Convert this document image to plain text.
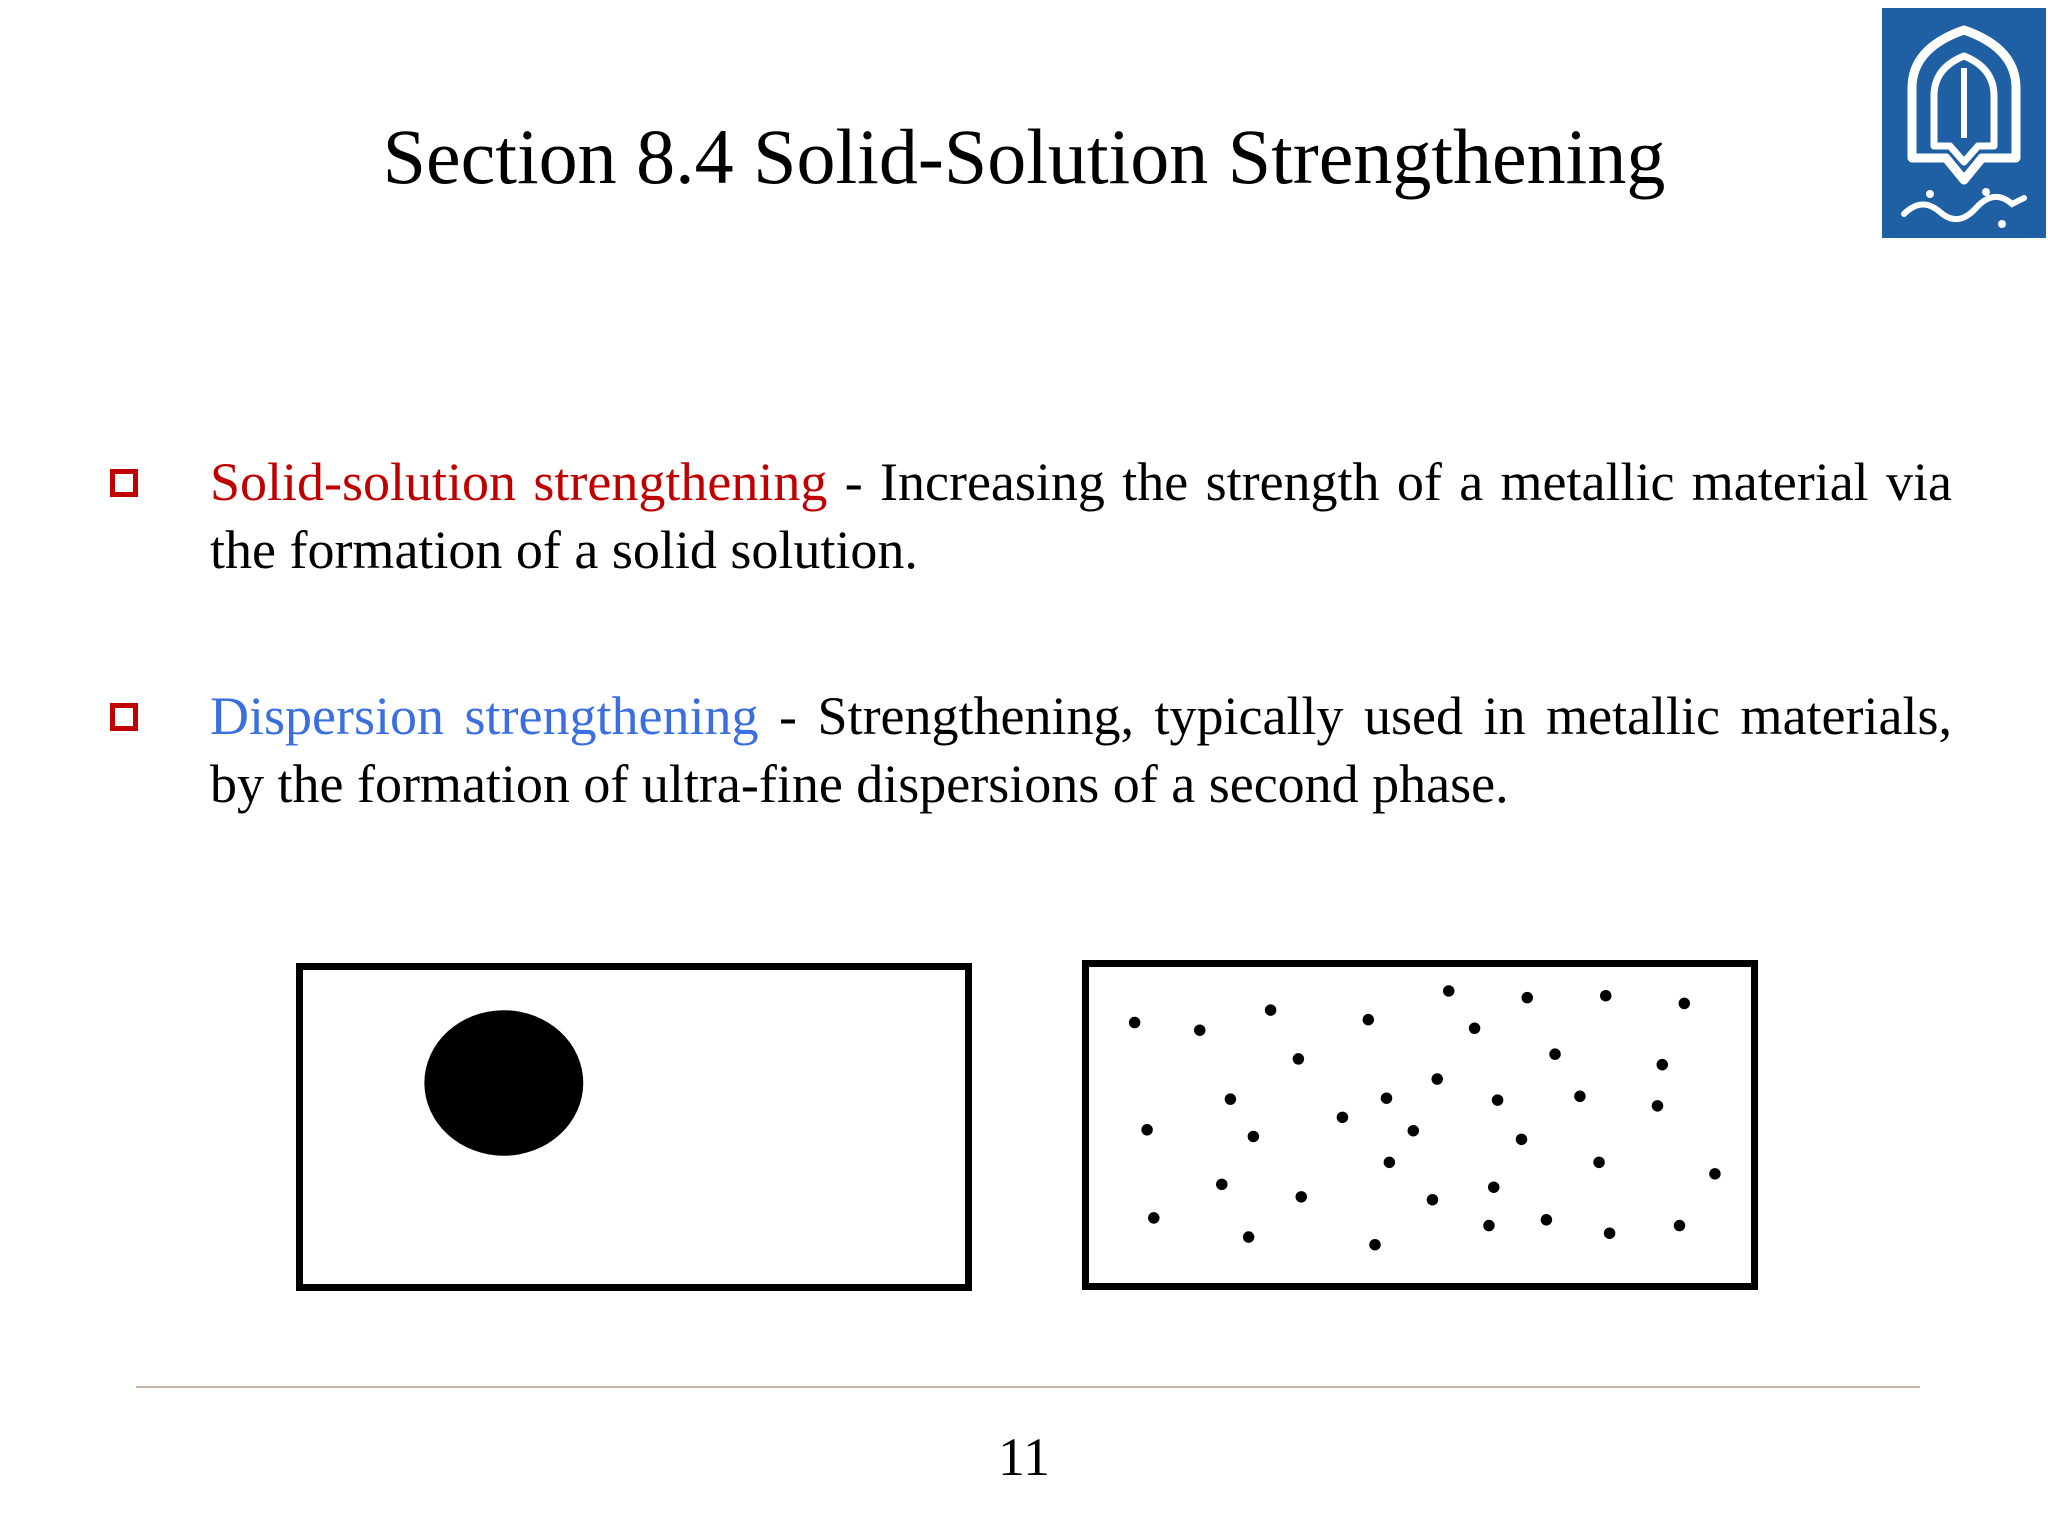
Section 8.4 Solid-Solution Strengthening
Solid-solution strengthening - Increasing the strength of a metallic material via the formation of a solid solution.
Dispersion strengthening - Strengthening, typically used in metallic materials, by the formation of ultra-fine dispersions of a second phase.
11
